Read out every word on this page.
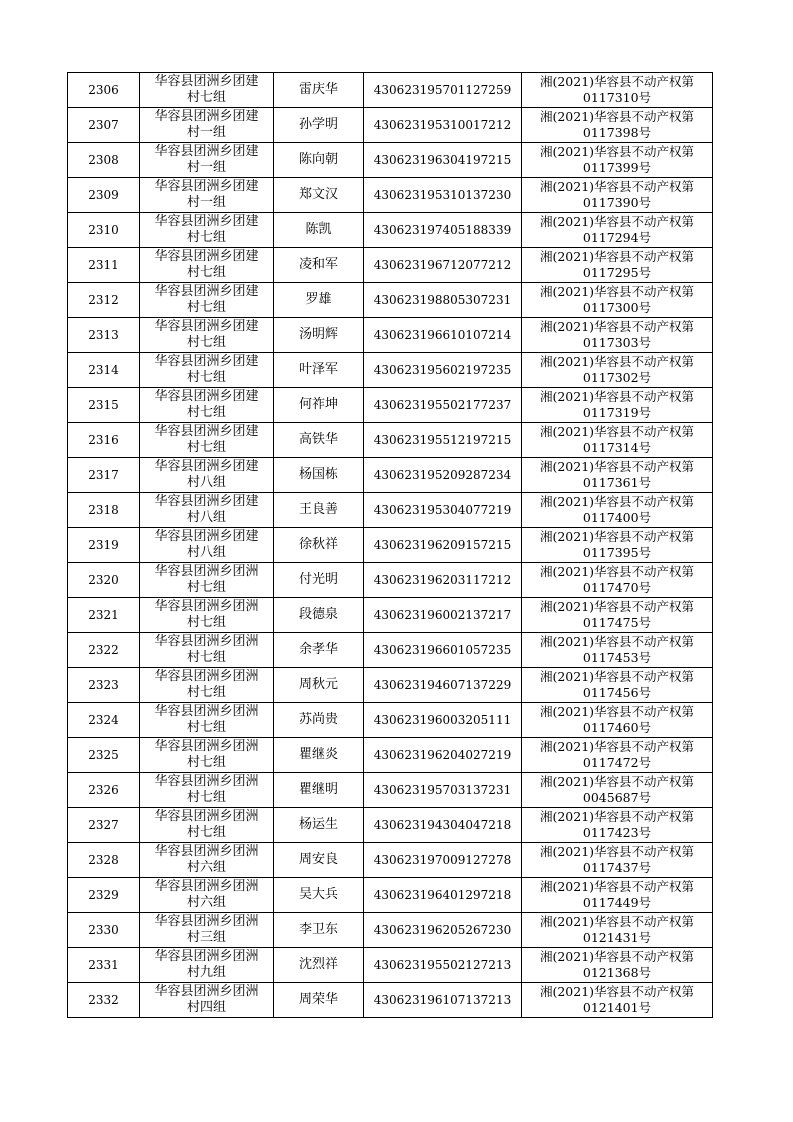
2306	华容县团洲乡团建
村七组	雷庆华	430623195701127259	湘(2021)华容县不动产权第
0117310号

2307	华容县团洲乡团建
村一组	孙学明	430623195310017212	湘(2021)华容县不动产权第
0117398号

2308	华容县团洲乡团建
村一组	陈向朝	430623196304197215	湘(2021)华容县不动产权第
0117399号

2309	华容县团洲乡团建
村一组	郑文汉	430623195310137230	湘(2021)华容县不动产权第
0117390号

2310	华容县团洲乡团建
村七组	陈凯	430623197405188339	湘(2021)华容县不动产权第
0117294号

2311	华容县团洲乡团建
村七组	凌和军	430623196712077212	湘(2021)华容县不动产权第
0117295号

2312	华容县团洲乡团建
村七组	罗雄	430623198805307231	湘(2021)华容县不动产权第
0117300号

2313	华容县团洲乡团建
村七组	汤明辉	430623196610107214	湘(2021)华容县不动产权第
0117303号

2314	华容县团洲乡团建
村七组	叶泽军	430623195602197235	湘(2021)华容县不动产权第
0117302号

2315	华容县团洲乡团建
村七组	何祚坤	430623195502177237	湘(2021)华容县不动产权第
0117319号

2316	华容县团洲乡团建
村七组	高铁华	430623195512197215	湘(2021)华容县不动产权第
0117314号

2317	华容县团洲乡团建
村八组	杨国栋	430623195209287234	湘(2021)华容县不动产权第
0117361号

2318	华容县团洲乡团建
村八组	王良善	430623195304077219	湘(2021)华容县不动产权第
0117400号

2319	华容县团洲乡团建
村八组	徐秋祥	430623196209157215	湘(2021)华容县不动产权第
0117395号

2320	华容县团洲乡团洲
村七组	付光明	430623196203117212	湘(2021)华容县不动产权第
0117470号

2321	华容县团洲乡团洲
村七组	段德泉	430623196002137217	湘(2021)华容县不动产权第
0117475号

2322	华容县团洲乡团洲
村七组	余孝华	430623196601057235	湘(2021)华容县不动产权第
0117453号

2323	华容县团洲乡团洲
村七组	周秋元	430623194607137229	湘(2021)华容县不动产权第
0117456号

2324	华容县团洲乡团洲
村七组	苏尚贵	430623196003205111	湘(2021)华容县不动产权第
0117460号

2325	华容县团洲乡团洲
村七组	瞿继炎	430623196204027219	湘(2021)华容县不动产权第
0117472号

2326	华容县团洲乡团洲
村七组	瞿继明	430623195703137231	湘(2021)华容县不动产权第
0045687号

2327	华容县团洲乡团洲
村七组	杨运生	430623194304047218	湘(2021)华容县不动产权第
0117423号

2328	华容县团洲乡团洲
村六组	周安良	430623197009127278	湘(2021)华容县不动产权第
0117437号

2329	华容县团洲乡团洲
村六组	吴大兵	430623196401297218	湘(2021)华容县不动产权第
0117449号

2330	华容县团洲乡团洲
村三组	李卫东	430623196205267230	湘(2021)华容县不动产权第
0121431号

2331	华容县团洲乡团洲
村九组	沈烈祥	430623195502127213	湘(2021)华容县不动产权第
0121368号

2332	华容县团洲乡团洲
村四组	周荣华	430623196107137213	湘(2021)华容县不动产权第
0121401号
